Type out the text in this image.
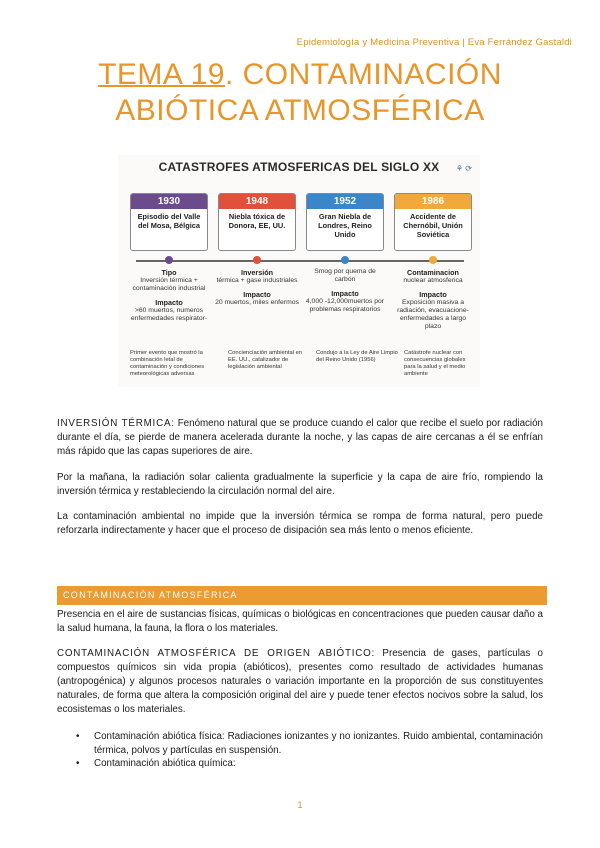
Epidemiología y Medicina Preventiva | Eva Ferrández Gastaldi
TEMA 19. CONTAMINACIÓN
ABIÓTICA ATMOSFÉRICA
CATASTROFES ATMOSFERICAS DEL SIGLO XX	⚘ ⟳
1930
Episodio del Valle del Mosa, Bélgica
1948
Niebla tóxica de Donora, EE, UU.
1952
Gran Niebla de Londres, Reino Unido
1986
Accidente de Chernóbil, Unión Soviética
Tipo
Inversión térmica + contaminación industrial
Impacto
>60 muertos, numeros enfermedades respirator-
Inversión
térmica + gase industriales
Impacto
20 muertos, miles enfermos
Smog por quema de carbón
Impacto
4,000 -12,000muertos por problemas respiratorios
Contaminacion
nuclear atmosferica
Impacto
Exposición masiva a radiación, evacuacione- enfermedades a largo plazo
Primer evento que mostró la combinación letal de contaminación y condiciones meteorológicas adversas
Concienciación ambiental en EE. UU., catalizador de legislación ambiental
Condujo a la Ley de Aire Limpio del Reino Unido (1956)
Catástrofe nuclear con consecuencias globales para la salud y el medio ambiente
INVERSIÓN TÉRMICA: Fenómeno natural que se produce cuando el calor que recibe el suelo por radiación durante el día, se pierde de manera acelerada durante la noche, y las capas de aire cercanas a él se enfrían más rápido que las capas superiores de aire.
Por la mañana, la radiación solar calienta gradualmente la superficie y la capa de aire frío, rompiendo la inversión térmica y restableciendo la circulación normal del aire.
La contaminación ambiental no impide que la inversión térmica se rompa de forma natural, pero puede reforzarla indirectamente y hacer que el proceso de disipación sea más lento o menos eficiente.
CONTAMINACIÓN ATMOSFÉRICA
Presencia en el aire de sustancias físicas, químicas o biológicas en concentraciones que pueden causar daño a la salud humana, la fauna, la flora o los materiales.
CONTAMINACIÓN ATMOSFÉRICA DE ORIGEN ABIÓTICO: Presencia de gases, partículas o compuestos químicos sin vida propia (abióticos), presentes como resultado de actividades humanas (antropogénica) y algunos procesos naturales o variación importante en la proporción de sus constituyentes naturales, de forma que altera la composición original del aire y puede tener efectos nocivos sobre la salud, los ecosistemas o los materiales.
• Contaminación abiótica física: Radiaciones ionizantes y no ionizantes. Ruido ambiental, contaminación térmica, polvos y partículas en suspensión.
• Contaminación abiótica química:
1
